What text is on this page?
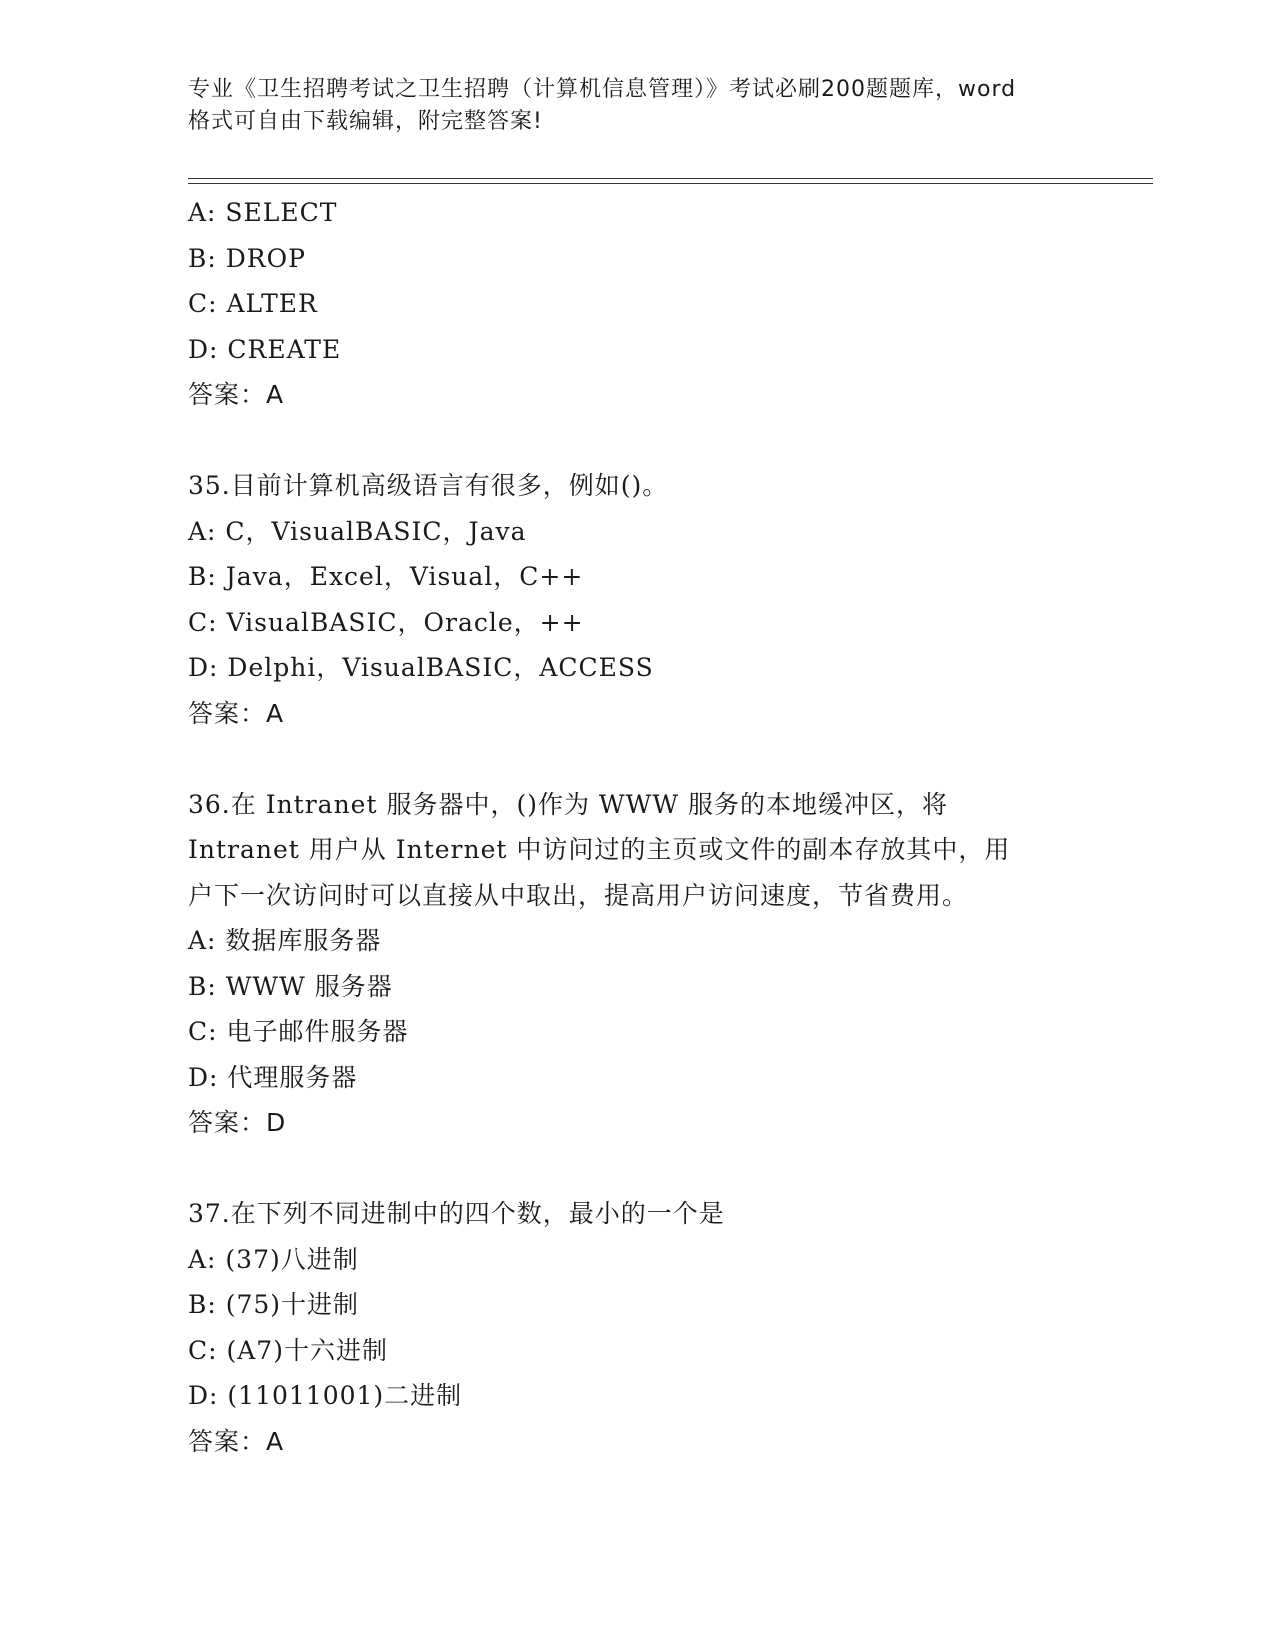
专业《卫生招聘考试之卫生招聘（计算机信息管理）》考试必刷200题题库，word
格式可自由下载编辑，附完整答案!
A: SELECT
B: DROP
C: ALTER
D: CREATE
答案：A
35.目前计算机高级语言有很多，例如()。
A: C，VisualBASIC，Java
B: Java，Excel，Visual，C++
C: VisualBASIC，Oracle，++
D: Delphi，VisualBASIC，ACCESS
答案：A
36.在 Intranet 服务器中，()作为 WWW 服务的本地缓冲区，将
Intranet 用户从 Internet 中访问过的主页或文件的副本存放其中，用
户下一次访问时可以直接从中取出，提高用户访问速度，节省费用。
A: 数据库服务器
B: WWW 服务器
C: 电子邮件服务器
D: 代理服务器
答案：D
37.在下列不同进制中的四个数，最小的一个是
A: (37)八进制
B: (75)十进制
C: (A7)十六进制
D: (11011001)二进制
答案：A
